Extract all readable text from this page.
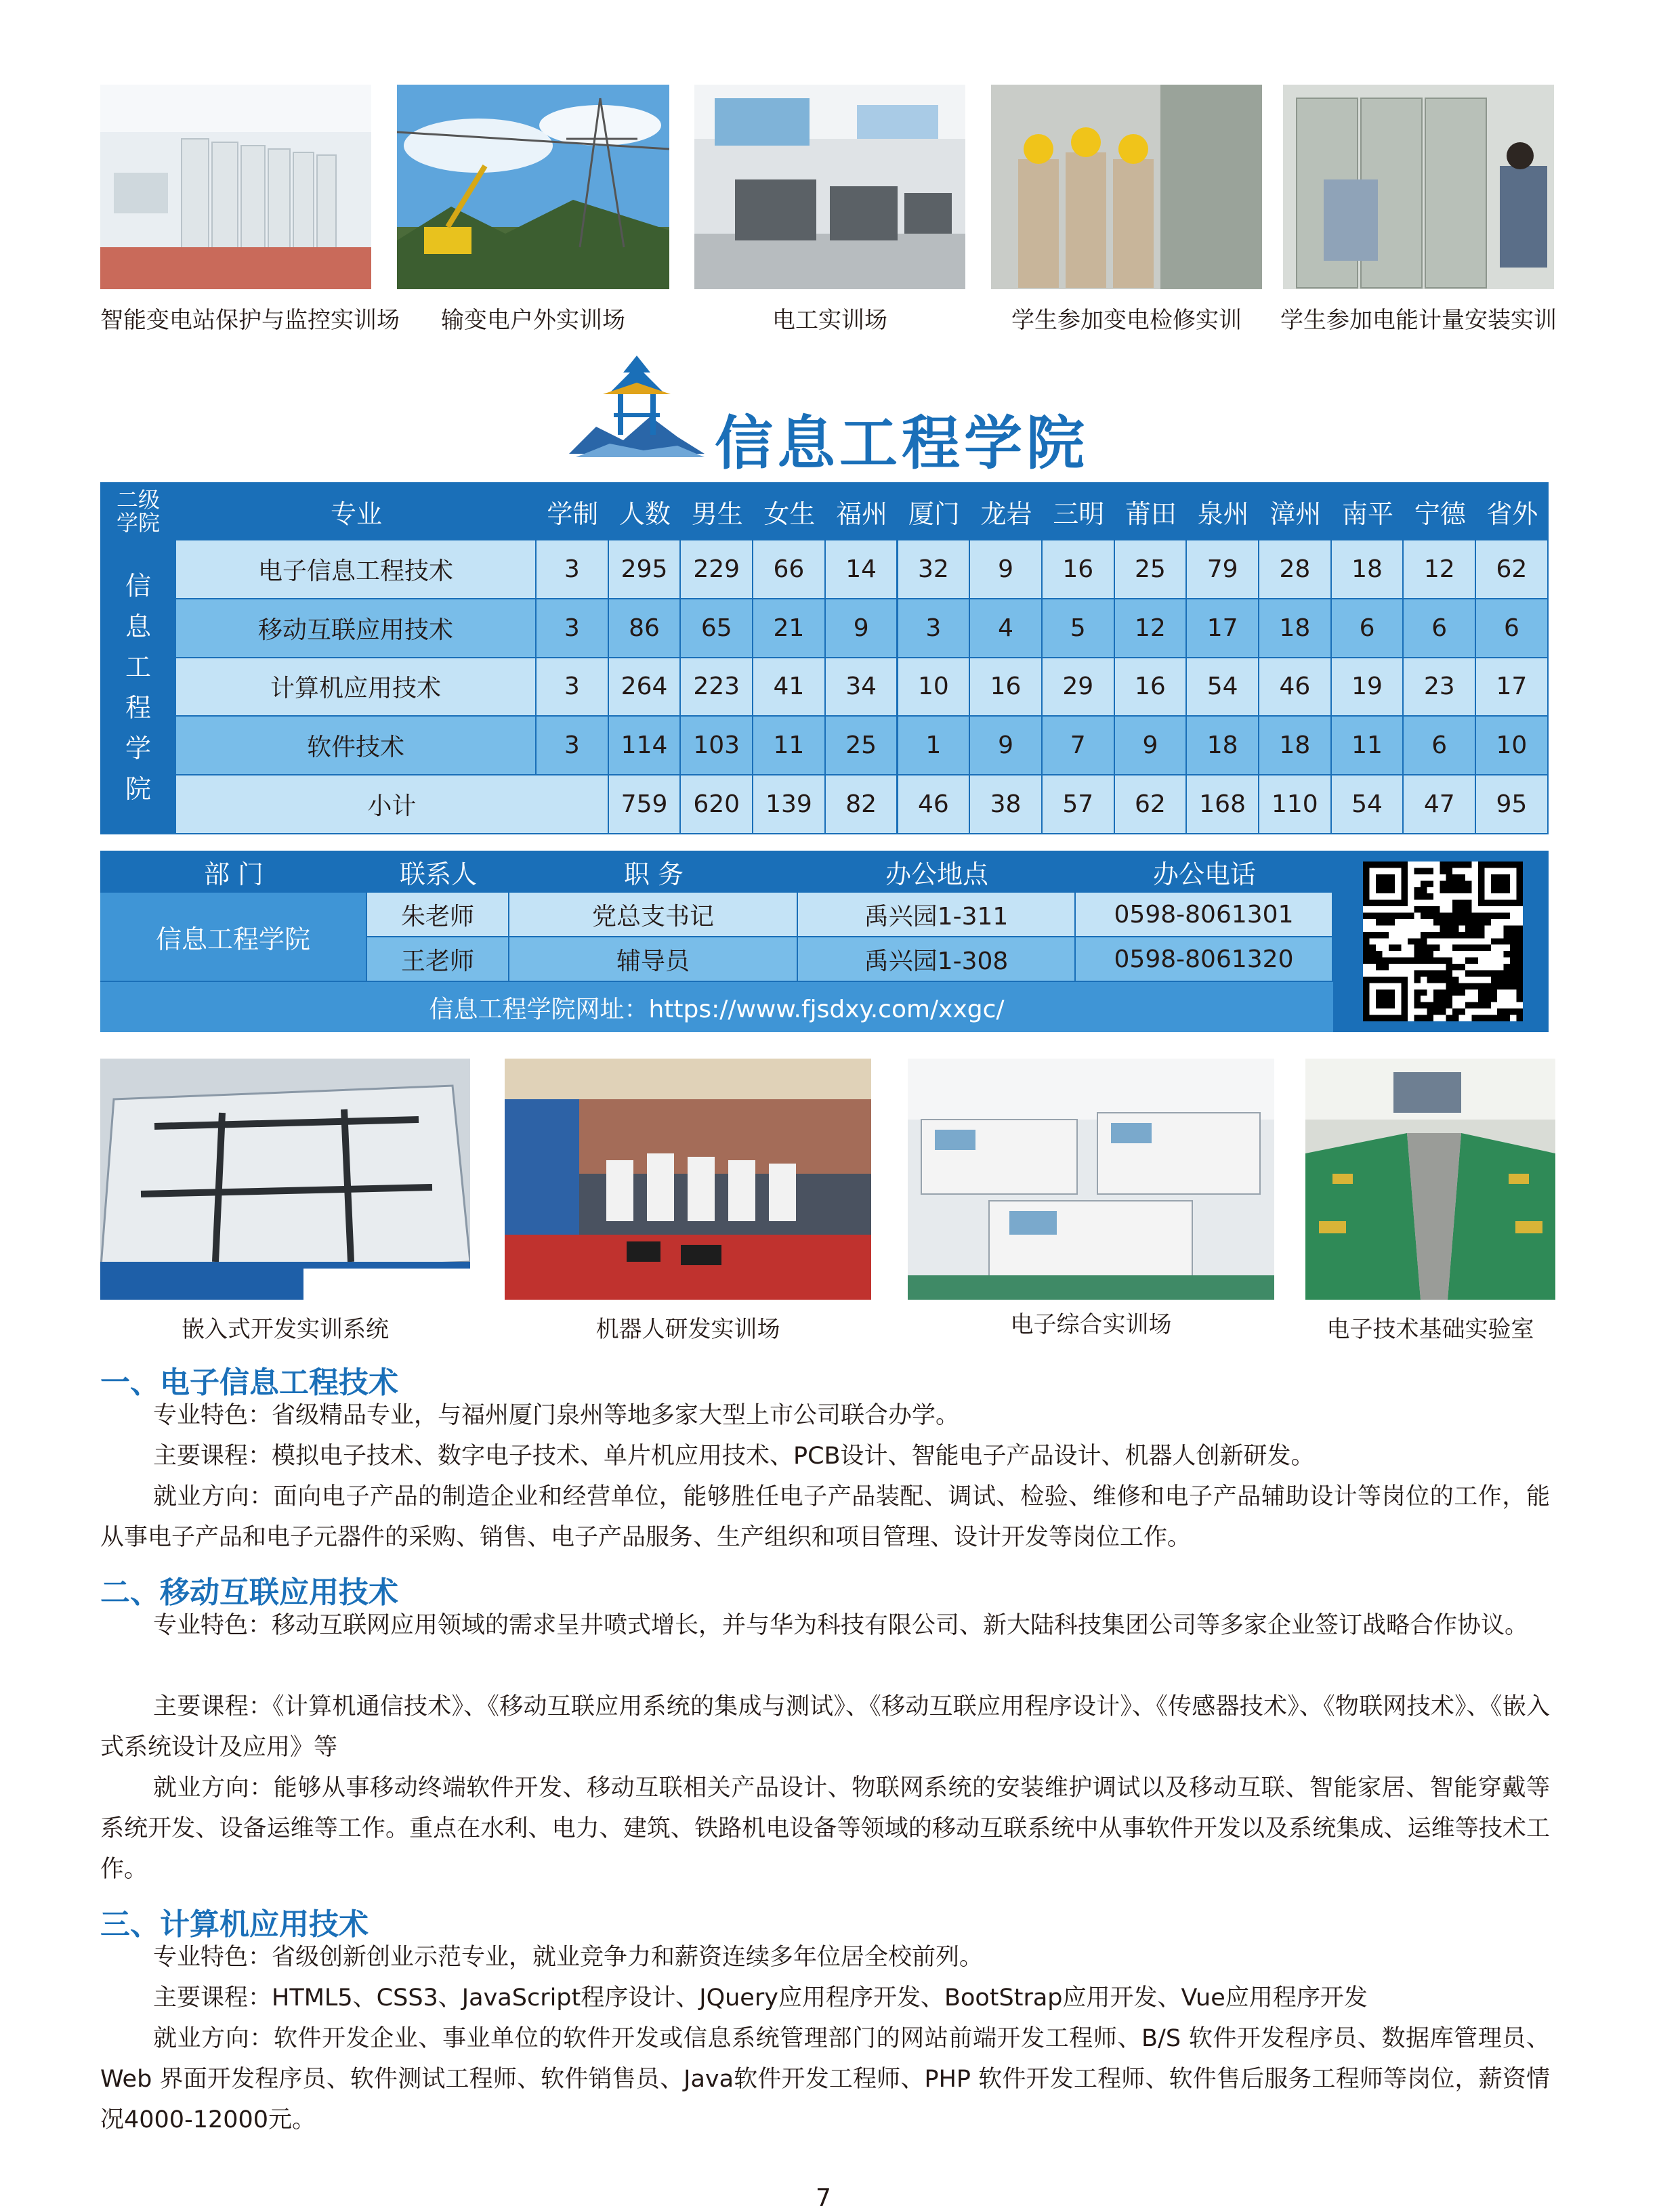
智能变电站保护与监控实训场	输变电户外实训场	电工实训场	学生参加变电检修实训	学生参加电能计量安装实训
信息工程学院
二级学院	专业	学制 人数 男生 女生 福州 厦门 龙岩 三明 莆田 泉州 漳州 南平 宁德 省外
信
息
工
程
学
院
电子信息工程技术	3	295	229	66	14	32	9	16	25	79	28	18	12	62
移动互联应用技术	3	86	65	21	9	3	4	5	12	17	18	6	6	6
计算机应用技术	3	264	223	41	34	10	16	29	16	54	46	19	23	17
软件技术	3	114	103	11	25	1	9	7	9	18	18	11	6	10
小计	759	620	139	82	46	38	57	62	168	110	54	47	95
部 门	联系人	职 务	办公地点	办公电话
信息工程学院
朱老师	党总支书记	禹兴园1-311	0598-8061301
王老师	辅导员	禹兴园1-308	0598-8061320
信息工程学院网址：https://www.fjsdxy.com/xxgc/
嵌入式开发实训系统	机器人研发实训场	电子综合实训场	电子技术基础实验室
一、电子信息工程技术
专业特色：省级精品专业，与福州厦门泉州等地多家大型上市公司联合办学。
主要课程：模拟电子技术、数字电子技术、单片机应用技术、PCB设计、智能电子产品设计、机器人创新研发。
就业方向：面向电子产品的制造企业和经营单位，能够胜任电子产品装配、调试、检验、维修和电子产品辅助设计等岗位的工作，能从事电子产品和电子元器件的采购、销售、电子产品服务、生产组织和项目管理、设计开发等岗位工作。
二、移动互联应用技术
专业特色：移动互联网应用领域的需求呈井喷式增长，并与华为科技有限公司、新大陆科技集团公司等多家企业签订战略合作协议。
主要课程：《计算机通信技术》、《移动互联应用系统的集成与测试》、《移动互联应用程序设计》、《传感器技术》、《物联网技术》、《嵌入式系统设计及应用》等
就业方向：能够从事移动终端软件开发、移动互联相关产品设计、物联网系统的安装维护调试以及移动互联、智能家居、智能穿戴等系统开发、设备运维等工作。重点在水利、电力、建筑、铁路机电设备等领域的移动互联系统中从事软件开发以及系统集成、运维等技术工作。
三、计算机应用技术
专业特色：省级创新创业示范专业，就业竞争力和薪资连续多年位居全校前列。
主要课程：HTML5、CSS3、JavaScript程序设计、JQuery应用程序开发、BootStrap应用开发、Vue应用程序开发
就业方向：软件开发企业、事业单位的软件开发或信息系统管理部门的网站前端开发工程师、B/S 软件开发程序员、数据库管理员、Web 界面开发程序员、软件测试工程师、软件销售员、Java软件开发工程师、PHP 软件开发工程师、软件售后服务工程师等岗位，薪资情况4000-12000元。
7
